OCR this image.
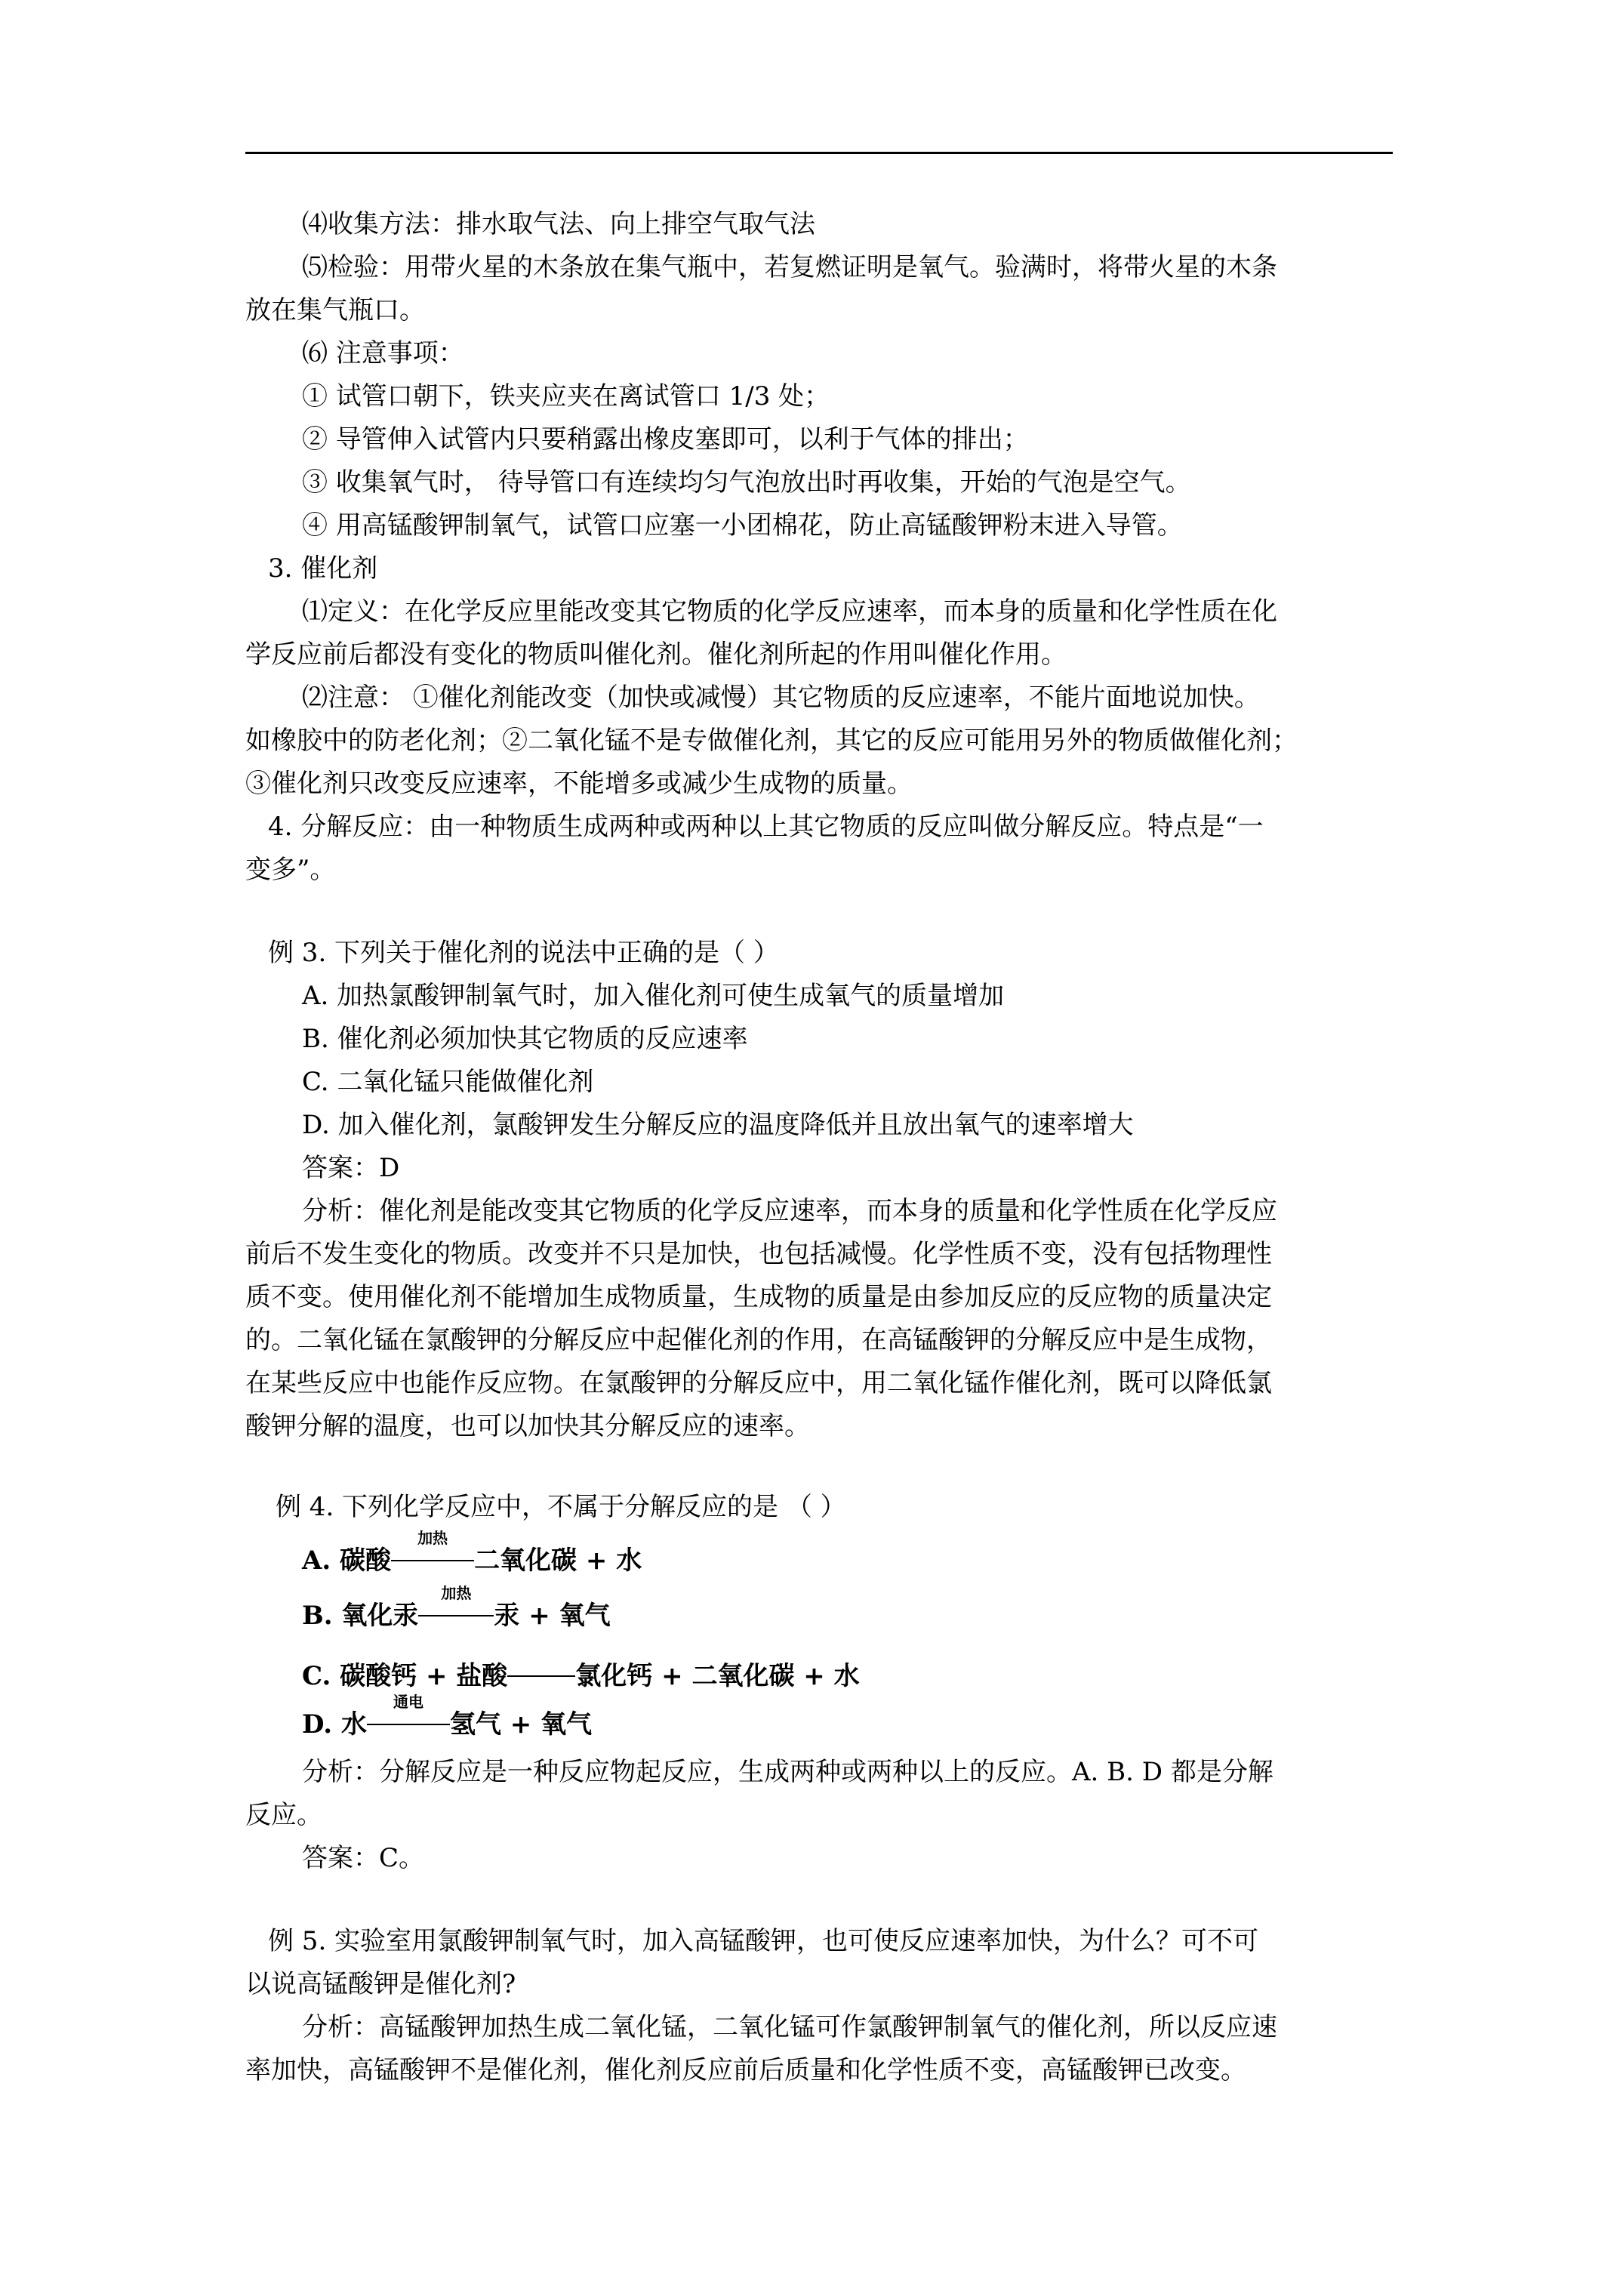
⑷收集方法：排水取气法、向上排空气取气法
⑸检验：用带火星的木条放在集气瓶中，若复燃证明是氧气。验满时，将带火星的木条
放在集气瓶口。
⑹ 注意事项：
① 试管口朝下，铁夹应夹在离试管口 1/3 处；
② 导管伸入试管内只要稍露出橡皮塞即可，以利于气体的排出；
③ 收集氧气时， 待导管口有连续均匀气泡放出时再收集，开始的气泡是空气。
④ 用高锰酸钾制氧气，试管口应塞一小团棉花，防止高锰酸钾粉末进入导管。
3. 催化剂
⑴定义：在化学反应里能改变其它物质的化学反应速率，而本身的质量和化学性质在化
学反应前后都没有变化的物质叫催化剂。催化剂所起的作用叫催化作用。
⑵注意： ①催化剂能改变（加快或减慢）其它物质的反应速率，不能片面地说加快。
如橡胶中的防老化剂；②二氧化锰不是专做催化剂，其它的反应可能用另外的物质做催化剂；
③催化剂只改变反应速率，不能增多或减少生成物的质量。
4. 分解反应：由一种物质生成两种或两种以上其它物质的反应叫做分解反应。特点是“一
变多”。
例 3. 下列关于催化剂的说法中正确的是（ ）
A. 加热氯酸钾制氧气时，加入催化剂可使生成氧气的质量增加
B. 催化剂必须加快其它物质的反应速率
C. 二氧化锰只能做催化剂
D. 加入催化剂，氯酸钾发生分解反应的温度降低并且放出氧气的速率增大
答案：D
分析：催化剂是能改变其它物质的化学反应速率，而本身的质量和化学性质在化学反应
前后不发生变化的物质。改变并不只是加快，也包括减慢。化学性质不变，没有包括物理性
质不变。使用催化剂不能增加生成物质量，生成物的质量是由参加反应的反应物的质量决定
的。二氧化锰在氯酸钾的分解反应中起催化剂的作用，在高锰酸钾的分解反应中是生成物，
在某些反应中也能作反应物。在氯酸钾的分解反应中，用二氧化锰作催化剂，既可以降低氯
酸钾分解的温度，也可以加快其分解反应的速率。
例 4. 下列化学反应中，不属于分解反应的是 （ ）
A. 碳酸
加热
二氧化碳 + 水
B. 氧化汞
加热
汞 + 氧气
C. 碳酸钙 + 盐酸	氯化钙 + 二氧化碳 + 水
D. 水
通电
氢气 + 氧气
分析：分解反应是一种反应物起反应，生成两种或两种以上的反应。A. B. D 都是分解
反应。
答案：C。
例 5. 实验室用氯酸钾制氧气时，加入高锰酸钾，也可使反应速率加快，为什么？可不可
以说高锰酸钾是催化剂?
分析：高锰酸钾加热生成二氧化锰，二氧化锰可作氯酸钾制氧气的催化剂，所以反应速
率加快，高锰酸钾不是催化剂，催化剂反应前后质量和化学性质不变，高锰酸钾已改变。
